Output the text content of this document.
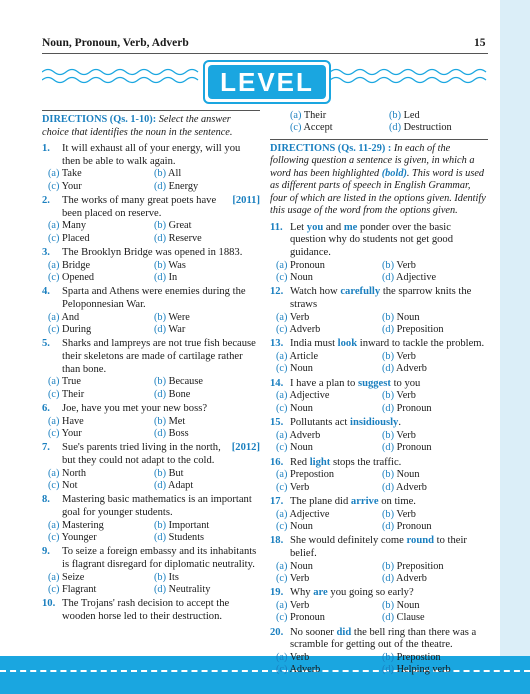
Noun, Pronoun, Verb, Adverb	15
LEVEL 1
DIRECTIONS (Qs. 1-10): Select the answer choice that identifies the noun in the sentence.
1. It will exhaust all of your energy, will you then be able to walk again.
(a) Take	(b) All
(c) Your	(d) Energy
2.	[2011]
The works of many great poets have been placed on reserve.
(a) Many	(b) Great
(c) Placed	(d) Reserve
3. The Brooklyn Bridge was opened in 1883.
(a) Bridge	(b) Was
(c) Opened	(d) In
4. Sparta and Athens were enemies during the Peloponnesian War.
(a) And	(b) Were
(c) During	(d) War
5. Sharks and lampreys are not true fish because their skeletons are made of cartilage rather than bone.
(a) True	(b) Because
(c) Their	(d) Bone
6. Joe, have you met your new boss?
(a) Have	(b) Met
(c) Your	(d) Boss
7.	[2012]
Sue's parents tried living in the north, but they could not adapt to the cold.
(a) North	(b) But
(c) Not	(d) Adapt
8. Mastering basic mathematics is an important goal for younger students.
(a) Mastering	(b) Important
(c) Younger	(d) Students
9. To seize a foreign embassy and its inhabitants is flagrant disregard for diplomatic neutrality.
(a) Seize	(b) Its
(c) Flagrant	(d) Neutrality
10. The Trojans' rash decision to accept the wooden horse led to their destruction.
(a) Their	(b) Led
(c) Accept	(d) Destruction
DIRECTIONS (Qs. 11-29) : In each of the following question a sentence is given, in which a word has been highlighted (bold). This word is used as different parts of speech in English Grammar, four of which are listed in the options given. Identify this usage of the word from the options given.
11. Let you and me ponder over the basic question why do students not get good guidance.
(a) Pronoun	(b) Verb
(c) Noun	(d) Adjective
12. Watch how carefully the sparrow knits the straws
(a) Verb	(b) Noun
(c) Adverb	(d) Preposition
13. India must look inward to tackle the problem.
(a) Article	(b) Verb
(c) Noun	(d) Adverb
14. I have a plan to suggest to you
(a) Adjective	(b) Verb
(c) Noun	(d) Pronoun
15. Pollutants act insidiously.
(a) Adverb	(b) Verb
(c) Noun	(d) Pronoun
16. Red light stops the traffic.
(a) Prepostion	(b) Noun
(c) Verb	(d) Adverb
17. The plane did arrive on time.
(a) Adjective	(b) Verb
(c) Noun	(d) Pronoun
18. She would definitely come round to their belief.
(a) Noun	(b) Preposition
(c) Verb	(d) Adverb
19. Why are you going so early?
(a) Verb	(b) Noun
(c) Pronoun	(d) Clause
20. No sooner did the bell ring than there was a scramble for getting out of the theatre.
(a) Verb	(b) Prepostion
(c) Adverb	(d) Helping verb
